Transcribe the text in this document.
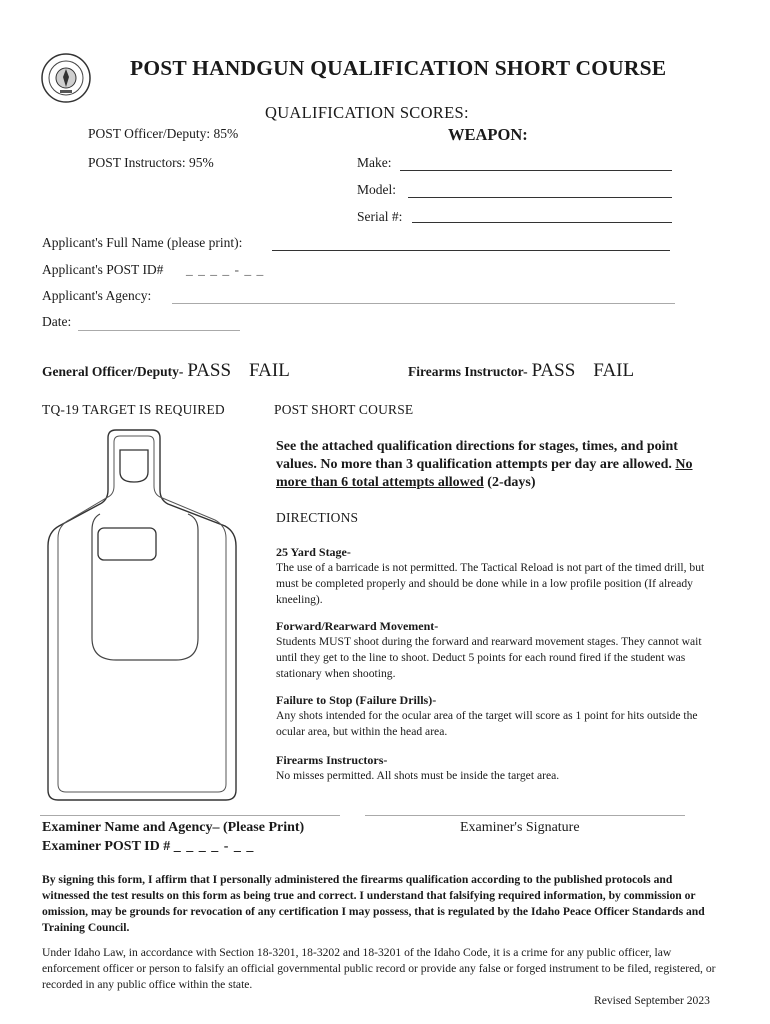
POST HANDGUN QUALIFICATION SHORT COURSE
QUALIFICATION SCORES:
POST Officer/Deputy: 85%
POST Instructors: 95%
WEAPON:
Make:
Model:
Serial #:
Applicant's Full Name (please print):
Applicant's POST ID# _ _ _ _ - _ _
Applicant's Agency:
Date:
General Officer/Deputy- PASS FAIL	Firearms Instructor- PASS FAIL
TQ-19 TARGET IS REQUIRED	POST SHORT COURSE
See the attached qualification directions for stages, times, and point values. No more than 3 qualification attempts per day are allowed. No more than 6 total attempts allowed (2-days)
DIRECTIONS
25 Yard Stage-
The use of a barricade is not permitted. The Tactical Reload is not part of the timed drill, but must be completed properly and should be done while in a low profile position (If already kneeling).
Forward/Rearward Movement-
Students MUST shoot during the forward and rearward movement stages. They cannot wait until they get to the line to shoot. Deduct 5 points for each round fired if the student was stationary when shooting.
Failure to Stop (Failure Drills)-
Any shots intended for the ocular area of the target will score as 1 point for hits outside the ocular area, but within the head area.
Firearms Instructors-
No misses permitted. All shots must be inside the target area.
Examiner Name and Agency– (Please Print)	Examiner's Signature
Examiner POST ID # _ _ _ _ - _ _
By signing this form, I affirm that I personally administered the firearms qualification according to the published protocols and witnessed the test results on this form as being true and correct. I understand that falsifying required information, by commission or omission, may be grounds for revocation of any certification I may possess, that is regulated by the Idaho Peace Officer Standards and Training Council.
Under Idaho Law, in accordance with Section 18-3201, 18-3202 and 18-3201 of the Idaho Code, it is a crime for any public officer, law enforcement officer or person to falsify an official governmental public record or provide any false or forged instrument to be filed, registered, or recorded in any public office within the state.
Revised September 2023
